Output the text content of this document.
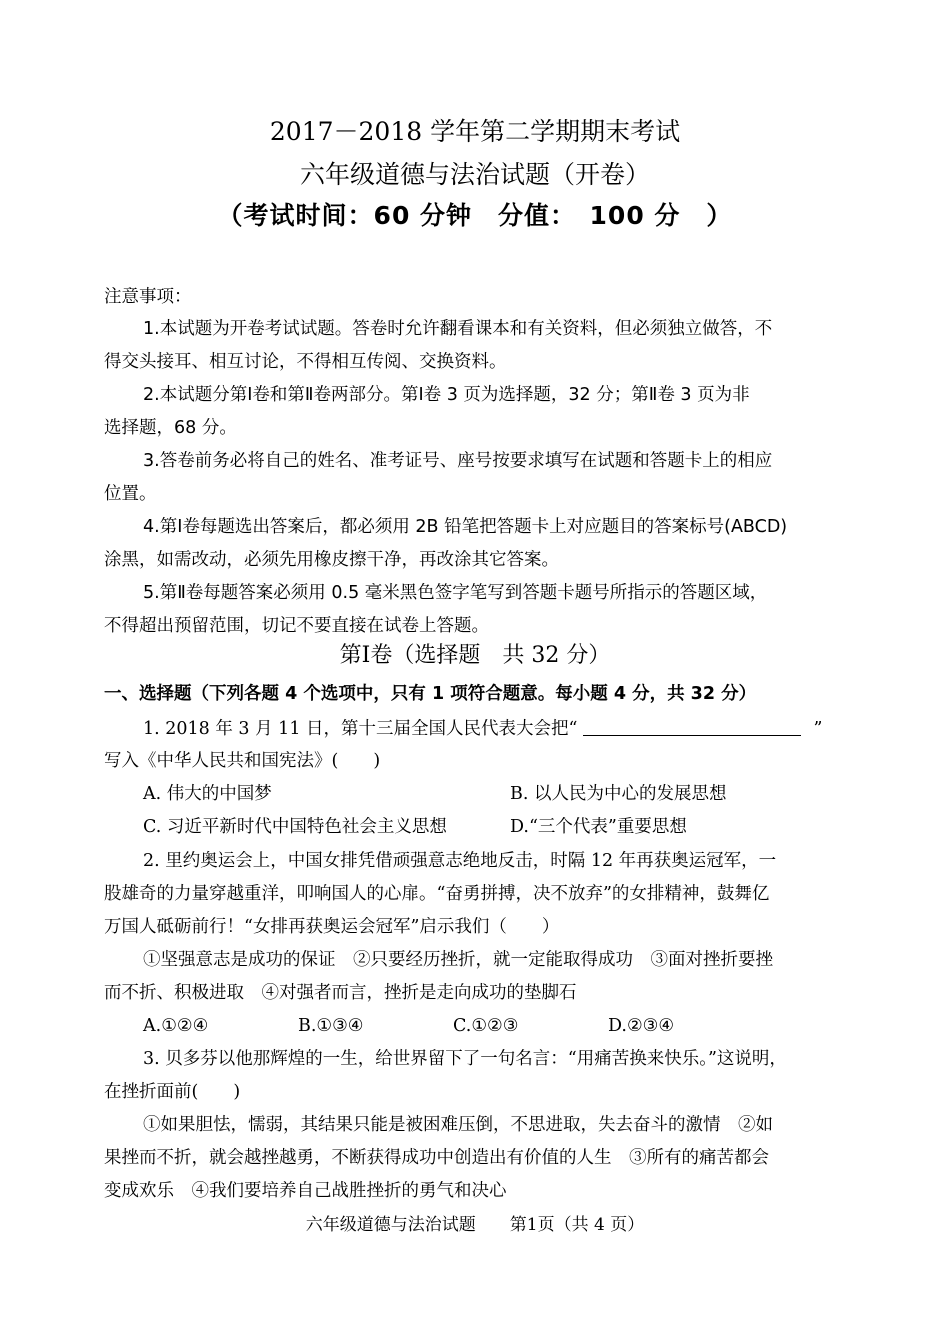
2017－2018 学年第二学期期末考试
六年级道德与法治试题（开卷）
（考试时间：60 分钟　分值：　100 分　）
注意事项：
1.本试题为开卷考试试题。答卷时允许翻看课本和有关资料，但必须独立做答，不
得交头接耳、相互讨论，不得相互传阅、交换资料。
2.本试题分第Ⅰ卷和第Ⅱ卷两部分。第Ⅰ卷 3 页为选择题，32 分；第Ⅱ卷 3 页为非
选择题，68 分。
3.答卷前务必将自己的姓名、准考证号、座号按要求填写在试题和答题卡上的相应
位置。
4.第Ⅰ卷每题选出答案后，都必须用 2B 铅笔把答题卡上对应题目的答案标号(ABCD)
涂黑，如需改动，必须先用橡皮擦干净，再改涂其它答案。
5.第Ⅱ卷每题答案必须用 0.5 毫米黑色签字笔写到答题卡题号所指示的答题区域，
不得超出预留范围，切记不要直接在试卷上答题。
第Ⅰ卷（选择题　共 32 分）
一、选择题（下列各题 4 个选项中，只有 1 项符合题意。每小题 4 分，共 32 分）
1. 2018 年 3 月 11 日，第十三届全国人民代表大会把“	”
写入《中华人民共和国宪法》(　　)
A. 伟大的中国梦	B. 以人民为中心的发展思想
C. 习近平新时代中国特色社会主义思想	D.“三个代表”重要思想
2. 里约奥运会上，中国女排凭借顽强意志绝地反击，时隔 12 年再获奥运冠军，一
股雄奇的力量穿越重洋，叩响国人的心扉。“奋勇拼搏，决不放弃”的女排精神，鼓舞亿
万国人砥砺前行！“女排再获奥运会冠军”启示我们（　　）
①坚强意志是成功的保证　②只要经历挫折，就一定能取得成功　③面对挫折要挫
而不折、积极进取　④对强者而言，挫折是走向成功的垫脚石
A.①②④	B.①③④	C.①②③	D.②③④
3. 贝多芬以他那辉煌的一生，给世界留下了一句名言：“用痛苦换来快乐。”这说明，
在挫折面前(　　)
①如果胆怯，懦弱，其结果只能是被困难压倒，不思进取，失去奋斗的激情　②如
果挫而不折，就会越挫越勇，不断获得成功中创造出有价值的人生　③所有的痛苦都会
变成欢乐　④我们要培养自己战胜挫折的勇气和决心
六年级道德与法治试题　　第1页（共 4 页）
